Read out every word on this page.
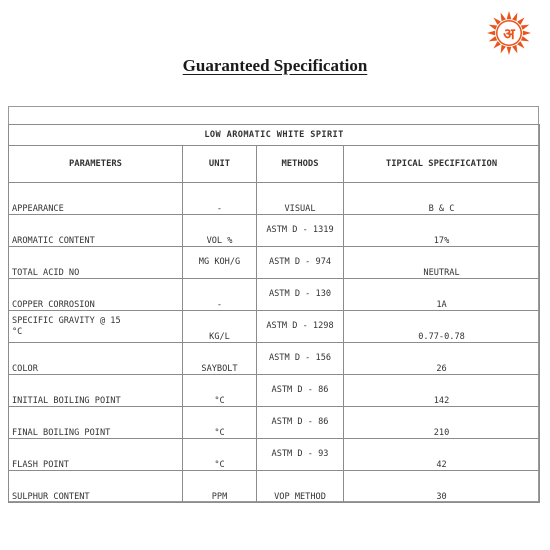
अ
Guaranteed Specification
LOW AROMATIC WHITE SPIRIT			
PARAMETERS	UNIT	METHODS	TIPICAL SPECIFICATION
APPEARANCE	-	VISUAL	B & C
AROMATIC CONTENT	VOL %	ASTM D - 1319	17%
TOTAL ACID NO	MG KOH/G	ASTM D - 974	NEUTRAL
COPPER CORROSION	-	ASTM D - 130	1A
SPECIFIC GRAVITY @ 15
°C	KG/L	ASTM D - 1298	0.77-0.78
COLOR	SAYBOLT	ASTM D - 156	26
INITIAL BOILING POINT	°C	ASTM D - 86	142
FINAL BOILING POINT	°C	ASTM D - 86	210
FLASH POINT	°C	ASTM D - 93	42
SULPHUR CONTENT	PPM	VOP METHOD	30
